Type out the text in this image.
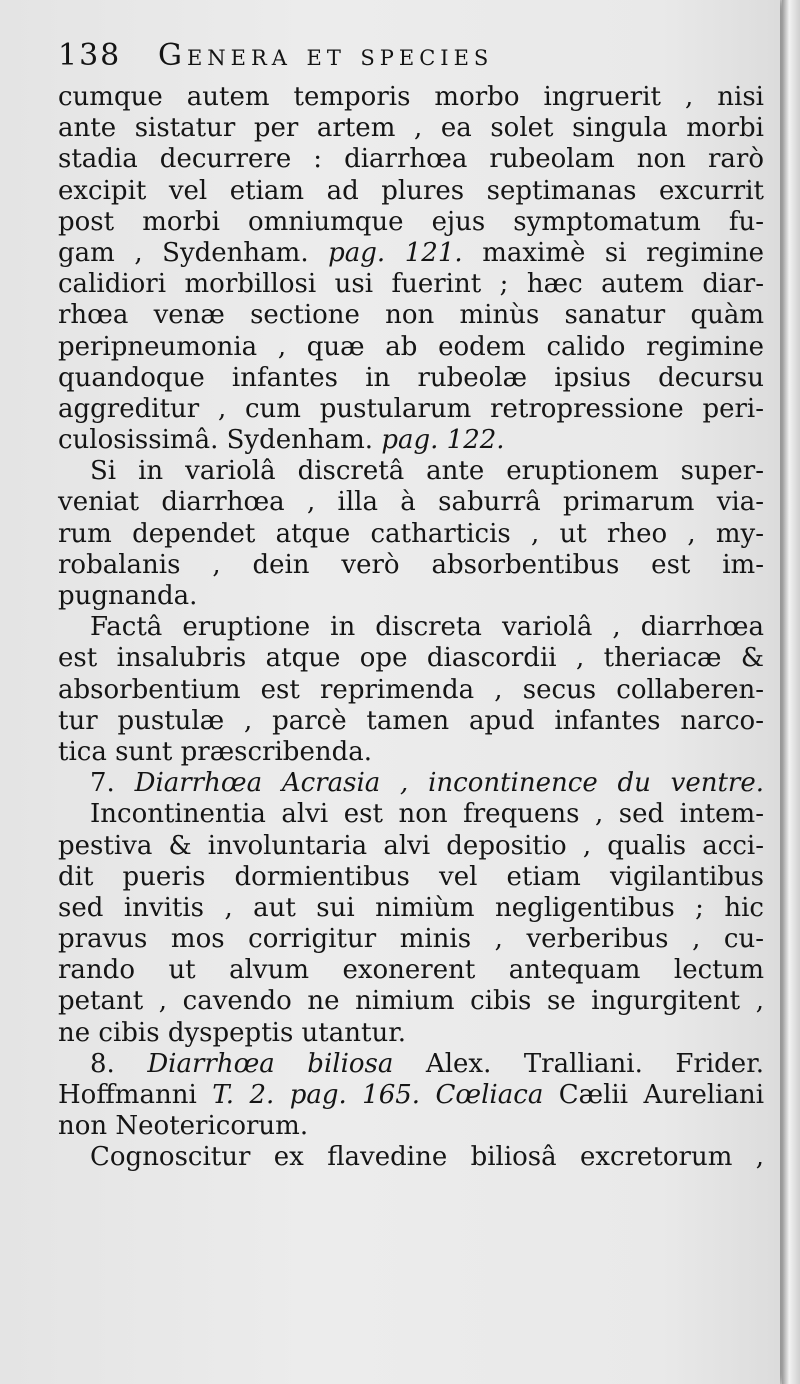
138 Genera et species
cumque autem temporis morbo ingruerit , nisi
ante sistatur per artem , ea solet singula morbi
stadia decurrere : diarrhœa rubeolam non rarò
excipit vel etiam ad plures septimanas excurrit
post morbi omniumque ejus symptomatum fu-
gam , Sydenham. pag. 121. maximè si regimine
calidiori morbillosi usi fuerint ; hæc autem diar-
rhœa venæ sectione non minùs sanatur quàm
peripneumonia , quæ ab eodem calido regimine
quandoque infantes in rubeolæ ipsius decursu
aggreditur , cum pustularum retropressione peri-
culosissimâ. Sydenham. pag. 122.
Si in variolâ discretâ ante eruptionem super-
veniat diarrhœa , illa à saburrâ primarum via-
rum dependet atque catharticis , ut rheo , my-
robalanis , dein verò absorbentibus est im-
pugnanda.
Factâ eruptione in discreta variolâ , diarrhœa
est insalubris atque ope diascordii , theriacæ &
absorbentium est reprimenda , secus collaberen-
tur pustulæ , parcè tamen apud infantes narco-
tica sunt præscribenda.
7. Diarrhœa Acrasia , incontinence du ventre.
Incontinentia alvi est non frequens , sed intem-
pestiva & involuntaria alvi depositio , qualis acci-
dit pueris dormientibus vel etiam vigilantibus
sed invitis , aut sui nimiùm negligentibus ; hic
pravus mos corrigitur minis , verberibus , cu-
rando ut alvum exonerent antequam lectum
petant , cavendo ne nimium cibis se ingurgitent ,
ne cibis dyspeptis utantur.
8. Diarrhœa biliosa Alex. Tralliani. Frider.
Hoffmanni T. 2. pag. 165. Cœliaca Cælii Aureliani
non Neotericorum.
Cognoscitur ex flavedine biliosâ excretorum ,
